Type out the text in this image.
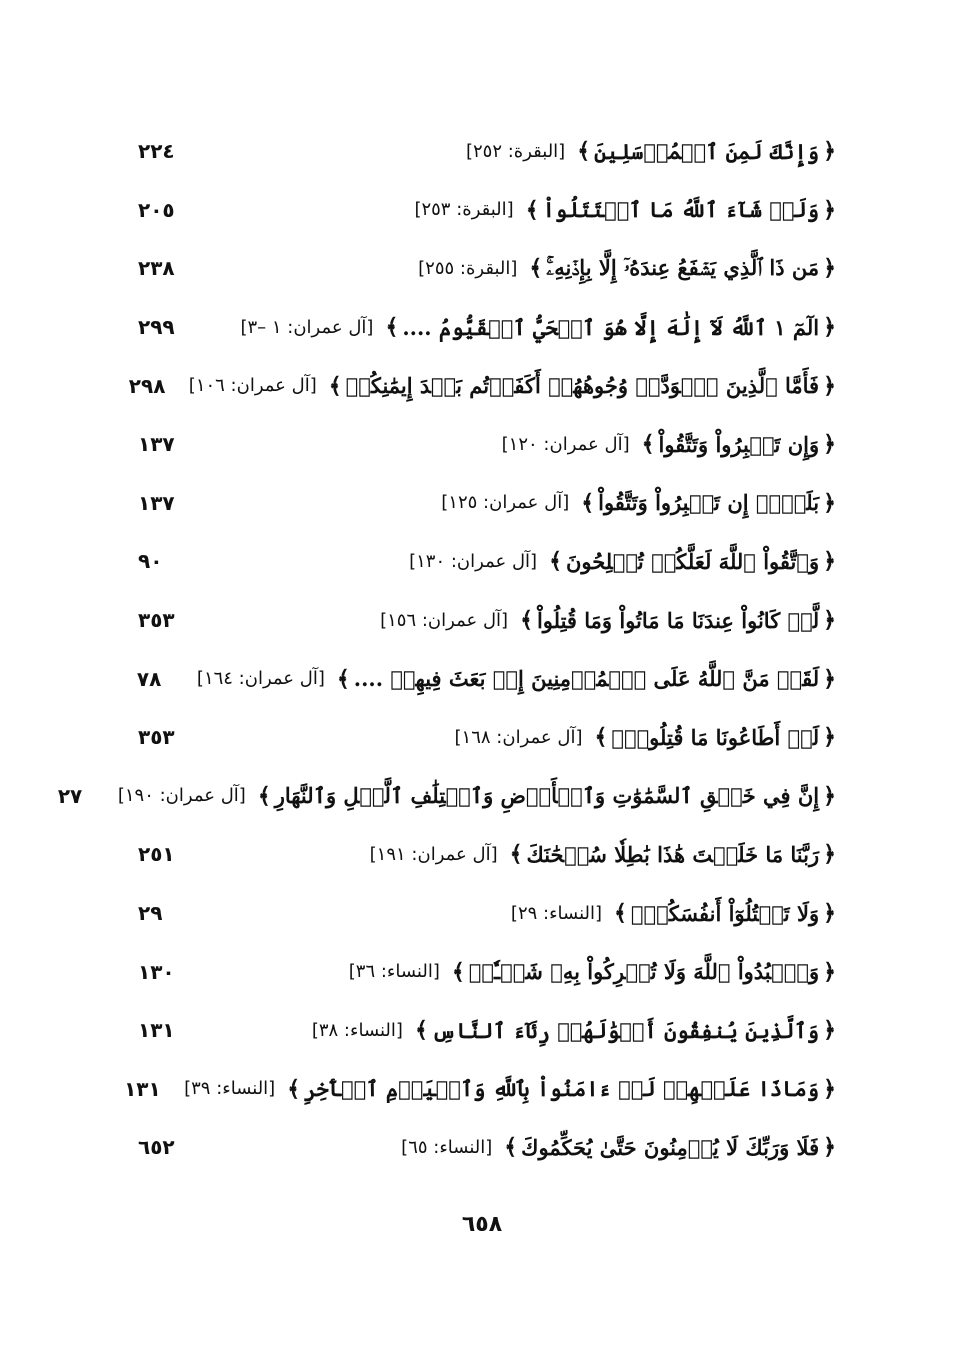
﴿
وَإِنَّكَ لَمِنَ ٱلۡمُرۡسَلِينَ
﴾
[البقرة: ٢٥٢]
٢٢٤
﴿
وَلَوۡ شَآءَ ٱللَّهُ مَا ٱقۡتَتَلُواْ
﴾
[البقرة: ٢٥٣]
٢٠٥
﴿
مَن ذَا ٱلَّذِي يَشۡفَعُ عِندَهُۥٓ إِلَّا بِإِذۡنِهِۦۚ
﴾
[البقرة: ٢٥٥]
٢٣٨
﴿
الٓمٓ ١ ٱللَّهُ لَآ إِلَٰهَ إِلَّا هُوَ ٱلۡحَيُّ ٱلۡقَيُّومُ ....
﴾
[آل عمران: ١ –٣]
٢٩٩
﴿
فَأَمَّا ٱلَّذِينَ ٱسۡوَدَّتۡ وُجُوهُهُمۡ أَكَفَرۡتُم بَعۡدَ إِيمَٰنِكُمۡ
﴾
[آل عمران: ١٠٦]
٢٩٨
﴿
وَإِن تَصۡبِرُواْ وَتَتَّقُواْ
﴾
[آل عمران: ١٢٠]
١٣٧
﴿
بَلَىٰٓۚ إِن تَصۡبِرُواْ وَتَتَّقُواْ
﴾
[آل عمران: ١٢٥]
١٣٧
﴿
وَٱتَّقُواْ ٱللَّهَ لَعَلَّكُمۡ تُفۡلِحُونَ
﴾
[آل عمران: ١٣٠]
٩٠
﴿
لَّوۡ كَانُواْ عِندَنَا مَا مَاتُواْ وَمَا قُتِلُواْ
﴾
[آل عمران: ١٥٦]
٣٥٣
﴿
لَقَدۡ مَنَّ ٱللَّهُ عَلَى ٱلۡمُؤۡمِنِينَ إِذۡ بَعَثَ فِيهِمۡ ....
﴾
[آل عمران: ١٦٤]
٧٨
﴿
لَوۡ أَطَاعُونَا مَا قُتِلُواْۗ
﴾
[آل عمران: ١٦٨]
٣٥٣
﴿
إِنَّ فِي خَلۡقِ ٱلسَّمَٰوَٰتِ وَٱلۡأَرۡضِ وَٱخۡتِلَٰفِ ٱلَّيۡلِ وَٱلنَّهَارِ
﴾
[آل عمران: ١٩٠]
٢٧
﴿
رَبَّنَا مَا خَلَقۡتَ هَٰذَا بَٰطِلٗا سُبۡحَٰنَكَ
﴾
[آل عمران: ١٩١]
٢٥١
﴿
وَلَا تَقۡتُلُوٓاْ أَنفُسَكُمۡۚ
﴾
[النساء: ٢٩]
٢٩
﴿
وَٱعۡبُدُواْ ٱللَّهَ وَلَا تُشۡرِكُواْ بِهِۦ شَيۡـٔٗاۖ
﴾
[النساء: ٣٦]
١٣٠
﴿
وَٱلَّذِينَ يُنفِقُونَ أَمۡوَٰلَهُمۡ رِئَآءَ ٱلنَّاسِ
﴾
[النساء: ٣٨]
١٣١
﴿
وَمَاذَا عَلَيۡهِمۡ لَوۡ ءَامَنُواْ بِٱللَّهِ وَٱلۡيَوۡمِ ٱلۡأٓخِرِ
﴾
[النساء: ٣٩]
١٣١
﴿
فَلَا وَرَبِّكَ لَا يُؤۡمِنُونَ حَتَّىٰ يُحَكِّمُوكَ
﴾
[النساء: ٦٥]
٦٥٢
٦٥٨
